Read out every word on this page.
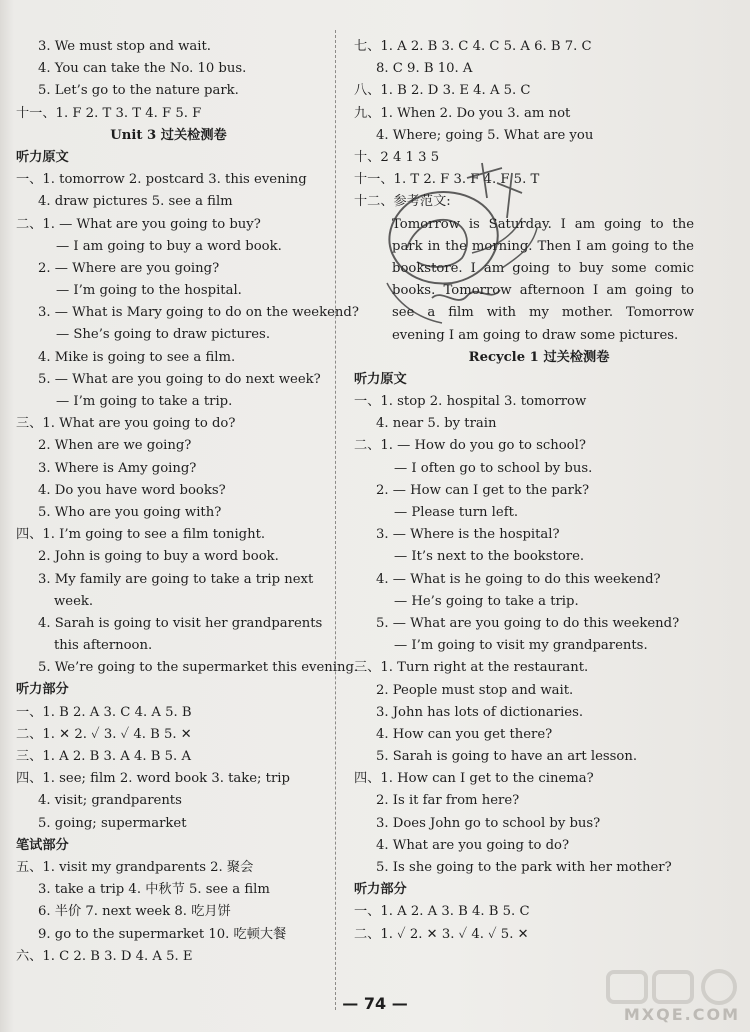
3. We must stop and wait.
4. You can take the No. 10 bus.
5. Let’s go to the nature park.
十一、1. F 2. T 3. T 4. F 5. F
Unit 3 过关检测卷
听力原文
一、1. tomorrow 2. postcard 3. this evening
4. draw pictures 5. see a film
二、1. — What are you going to buy?
— I am going to buy a word book.
2. — Where are you going?
— I’m going to the hospital.
3. — What is Mary going to do on the weekend?
— She’s going to draw pictures.
4. Mike is going to see a film.
5. — What are you going to do next week?
— I’m going to take a trip.
三、1. What are you going to do?
2. When are we going?
3. Where is Amy going?
4. Do you have word books?
5. Who are you going with?
四、1. I’m going to see a film tonight.
2. John is going to buy a word book.
3. My family are going to take a trip next
week.
4. Sarah is going to visit her grandparents
this afternoon.
5. We’re going to the supermarket this evening.
听力部分
一、1. B 2. A 3. C 4. A 5. B
二、1. ✕ 2. ✓ 3. ✓ 4. B 5. ✕
三、1. A 2. B 3. A 4. B 5. A
四、1. see; film 2. word book 3. take; trip
4. visit; grandparents
5. going; supermarket
笔试部分
五、1. visit my grandparents 2. 聚会
3. take a trip 4. 中秋节 5. see a film
6. 半价 7. next week 8. 吃月饼
9. go to the supermarket 10. 吃顿大餐
六、1. C 2. B 3. D 4. A 5. E
七、1. A 2. B 3. C 4. C 5. A 6. B 7. C
8. C 9. B 10. A
八、1. B 2. D 3. E 4. A 5. C
九、1. When 2. Do you 3. am not
4. Where; going 5. What are you
十、2 4 1 3 5
十一、1. T 2. F 3. F 4. F 5. T
十二、参考范文:
Tomorrow is Saturday. I am going to the park in the morning. Then I am going to the bookstore. I am going to buy some comic books. Tomorrow afternoon I am going to see a film with my mother. Tomorrow evening I am going to draw some pictures.
Recycle 1 过关检测卷
听力原文
一、1. stop 2. hospital 3. tomorrow
4. near 5. by train
二、1. — How do you go to school?
— I often go to school by bus.
2. — How can I get to the park?
— Please turn left.
3. — Where is the hospital?
— It’s next to the bookstore.
4. — What is he going to do this weekend?
— He’s going to take a trip.
5. — What are you going to do this weekend?
— I’m going to visit my grandparents.
三、1. Turn right at the restaurant.
2. People must stop and wait.
3. John has lots of dictionaries.
4. How can you get there?
5. Sarah is going to have an art lesson.
四、1. How can I get to the cinema?
2. Is it far from here?
3. Does John go to school by bus?
4. What are you going to do?
5. Is she going to the park with her mother?
听力部分
一、1. A 2. A 3. B 4. B 5. C
二、1. ✓ 2. ✕ 3. ✓ 4. ✓ 5. ✕
— 74 —
MXQE.COM
